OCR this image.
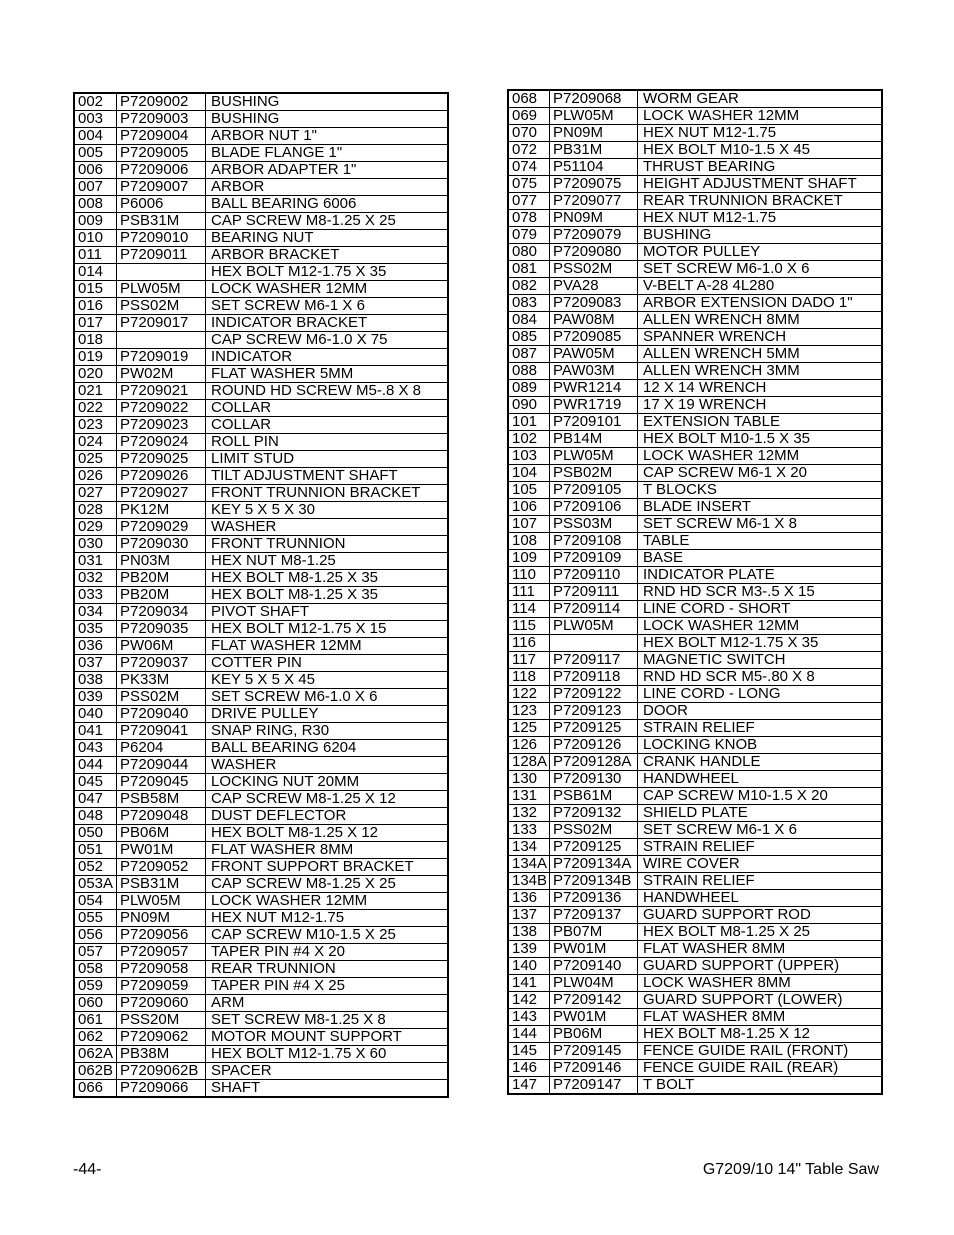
002	P7209002	BUSHING
003	P7209003	BUSHING
004	P7209004	ARBOR NUT 1"
005	P7209005	BLADE FLANGE 1"
006	P7209006	ARBOR ADAPTER 1"
007	P7209007	ARBOR
008	P6006	BALL BEARING 6006
009	PSB31M	CAP SCREW M8-1.25 X 25
010	P7209010	BEARING NUT
011	P7209011	ARBOR BRACKET
014		HEX BOLT M12-1.75 X 35
015	PLW05M	LOCK WASHER 12MM
016	PSS02M	SET SCREW M6-1 X 6
017	P7209017	INDICATOR BRACKET
018		CAP SCREW M6-1.0 X 75
019	P7209019	INDICATOR
020	PW02M	FLAT WASHER 5MM
021	P7209021	ROUND HD SCREW M5-.8 X 8
022	P7209022	COLLAR
023	P7209023	COLLAR
024	P7209024	ROLL PIN
025	P7209025	LIMIT STUD
026	P7209026	TILT ADJUSTMENT SHAFT
027	P7209027	FRONT TRUNNION BRACKET
028	PK12M	KEY 5 X 5 X 30
029	P7209029	WASHER
030	P7209030	FRONT TRUNNION
031	PN03M	HEX NUT M8-1.25
032	PB20M	HEX BOLT M8-1.25 X 35
033	PB20M	HEX BOLT M8-1.25 X 35
034	P7209034	PIVOT SHAFT
035	P7209035	HEX BOLT M12-1.75 X 15
036	PW06M	FLAT WASHER 12MM
037	P7209037	COTTER PIN
038	PK33M	KEY 5 X 5 X 45
039	PSS02M	SET SCREW M6-1.0 X 6
040	P7209040	DRIVE PULLEY
041	P7209041	SNAP RING, R30
043	P6204	BALL BEARING 6204
044	P7209044	WASHER
045	P7209045	LOCKING NUT 20MM
047	PSB58M	CAP SCREW M8-1.25 X 12
048	P7209048	DUST DEFLECTOR
050	PB06M	HEX BOLT M8-1.25 X 12
051	PW01M	FLAT WASHER 8MM
052	P7209052	FRONT SUPPORT BRACKET
053A	PSB31M	CAP SCREW M8-1.25 X 25
054	PLW05M	LOCK WASHER 12MM
055	PN09M	HEX NUT M12-1.75
056	P7209056	CAP SCREW M10-1.5 X 25
057	P7209057	TAPER PIN #4 X 20
058	P7209058	REAR TRUNNION
059	P7209059	TAPER PIN #4 X 25
060	P7209060	ARM
061	PSS20M	SET SCREW M8-1.25 X 8
062	P7209062	MOTOR MOUNT SUPPORT
062A	PB38M	HEX BOLT M12-1.75 X 60
062B	P7209062B	SPACER
066	P7209066	SHAFT
068	P7209068	WORM GEAR
069	PLW05M	LOCK WASHER 12MM
070	PN09M	HEX NUT M12-1.75
072	PB31M	HEX BOLT M10-1.5 X 45
074	P51104	THRUST BEARING
075	P7209075	HEIGHT ADJUSTMENT SHAFT
077	P7209077	REAR TRUNNION BRACKET
078	PN09M	HEX NUT M12-1.75
079	P7209079	BUSHING
080	P7209080	MOTOR PULLEY
081	PSS02M	SET SCREW M6-1.0 X 6
082	PVA28	V-BELT A-28 4L280
083	P7209083	ARBOR EXTENSION DADO 1"
084	PAW08M	ALLEN WRENCH 8MM
085	P7209085	SPANNER WRENCH
087	PAW05M	ALLEN WRENCH 5MM
088	PAW03M	ALLEN WRENCH 3MM
089	PWR1214	12 X 14 WRENCH
090	PWR1719	17 X 19 WRENCH
101	P7209101	EXTENSION TABLE
102	PB14M	HEX BOLT M10-1.5 X 35
103	PLW05M	LOCK WASHER 12MM
104	PSB02M	CAP SCREW M6-1 X 20
105	P7209105	T BLOCKS
106	P7209106	BLADE INSERT
107	PSS03M	SET SCREW M6-1 X 8
108	P7209108	TABLE
109	P7209109	BASE
110	P7209110	INDICATOR PLATE
111	P7209111	RND HD SCR M3-.5 X 15
114	P7209114	LINE CORD - SHORT
115	PLW05M	LOCK WASHER 12MM
116		HEX BOLT M12-1.75 X 35
117	P7209117	MAGNETIC SWITCH
118	P7209118	RND HD SCR M5-.80 X 8
122	P7209122	LINE CORD - LONG
123	P7209123	DOOR
125	P7209125	STRAIN RELIEF
126	P7209126	LOCKING KNOB
128A	P7209128A	CRANK HANDLE
130	P7209130	HANDWHEEL
131	PSB61M	CAP SCREW M10-1.5 X 20
132	P7209132	SHIELD PLATE
133	PSS02M	SET SCREW M6-1 X 6
134	P7209125	STRAIN RELIEF
134A	P7209134A	WIRE COVER
134B	P7209134B	STRAIN RELIEF
136	P7209136	HANDWHEEL
137	P7209137	GUARD SUPPORT ROD
138	PB07M	HEX BOLT M8-1.25 X 25
139	PW01M	FLAT WASHER 8MM
140	P7209140	GUARD SUPPORT (UPPER)
141	PLW04M	LOCK WASHER 8MM
142	P7209142	GUARD SUPPORT (LOWER)
143	PW01M	FLAT WASHER 8MM
144	PB06M	HEX BOLT M8-1.25 X 12
145	P7209145	FENCE GUIDE RAIL (FRONT)
146	P7209146	FENCE GUIDE RAIL (REAR)
147	P7209147	T BOLT
-44-	G7209/10 14" Table Saw
